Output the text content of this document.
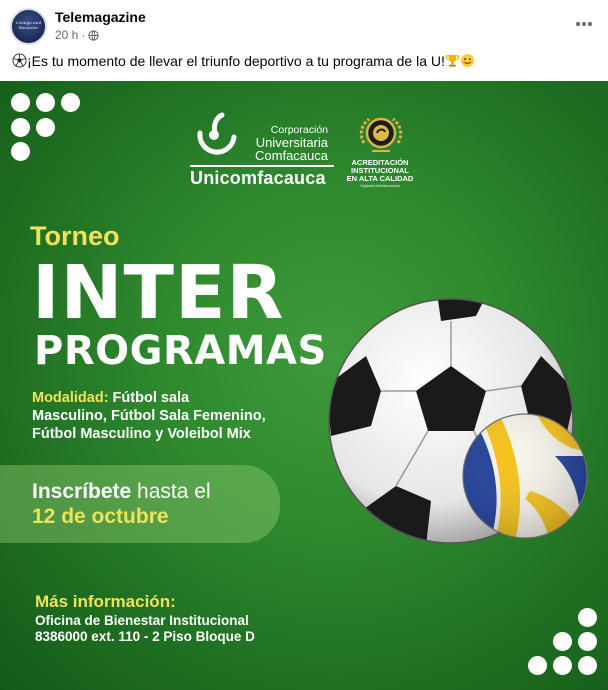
Contigo está Bienestar
Telemagazine
20 h ·
¡Es tu momento de llevar el triunfo deportivo a tu programa de la U!
Corporación
Universitaria
Comfacauca
Unicomfacauca
ACREDITACIÓN
INSTITUCIONAL
EN ALTA CALIDAD
Vigilada Mineducación
Torneo
INTER
PROGRAMAS
Modalidad: Fútbol sala
Masculino, Fútbol Sala Femenino,
Fútbol Masculino y Voleibol Mix
Inscríbete hasta el
12 de octubre
Más información:
Oficina de Bienestar Institucional
8386000 ext. 110 - 2 Piso Bloque D
